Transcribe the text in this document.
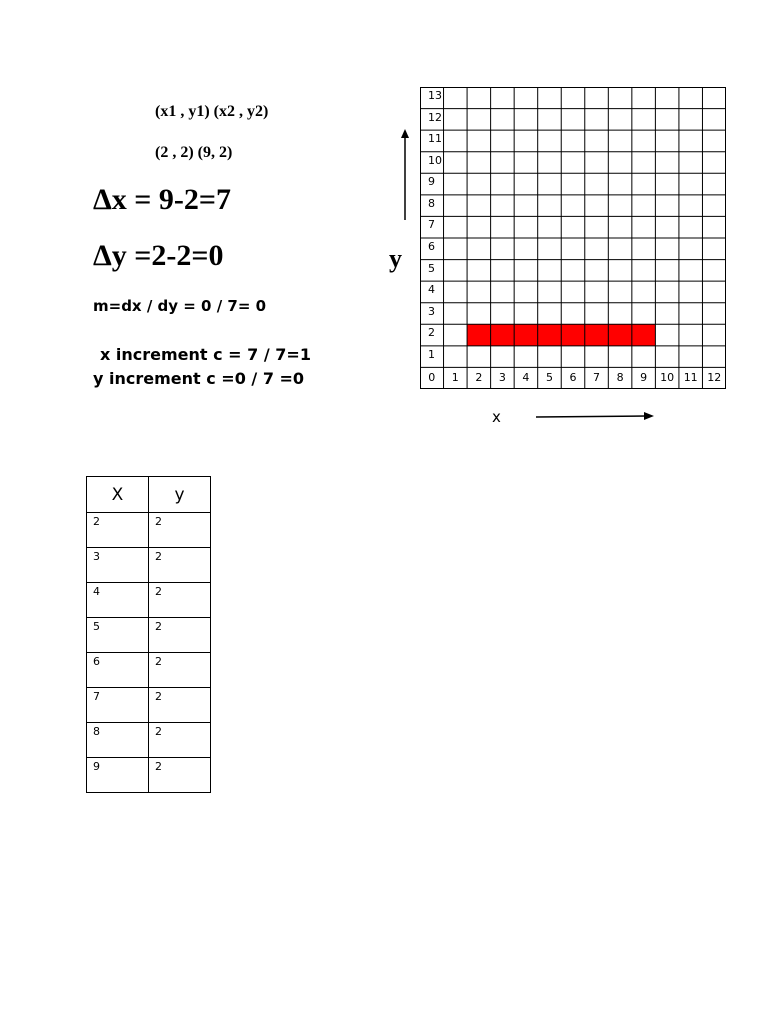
(x1 , y1) (x2 , y2)
(2 , 2) (9, 2)
Δx = 9-2=7
Δy =2-2=0
m=dx / dy = 0 / 7= 0
x increment c = 7 / 7=1
y increment c =0 / 7 =0
y
x
13
12
11
10
9
8
7
6
5
4
3
2
1
0	1	2	3	4	5	6	7	8	9	10 11 12
X	y
2	2
3	2
4	2
5	2
6	2
7	2
8	2
9	2
